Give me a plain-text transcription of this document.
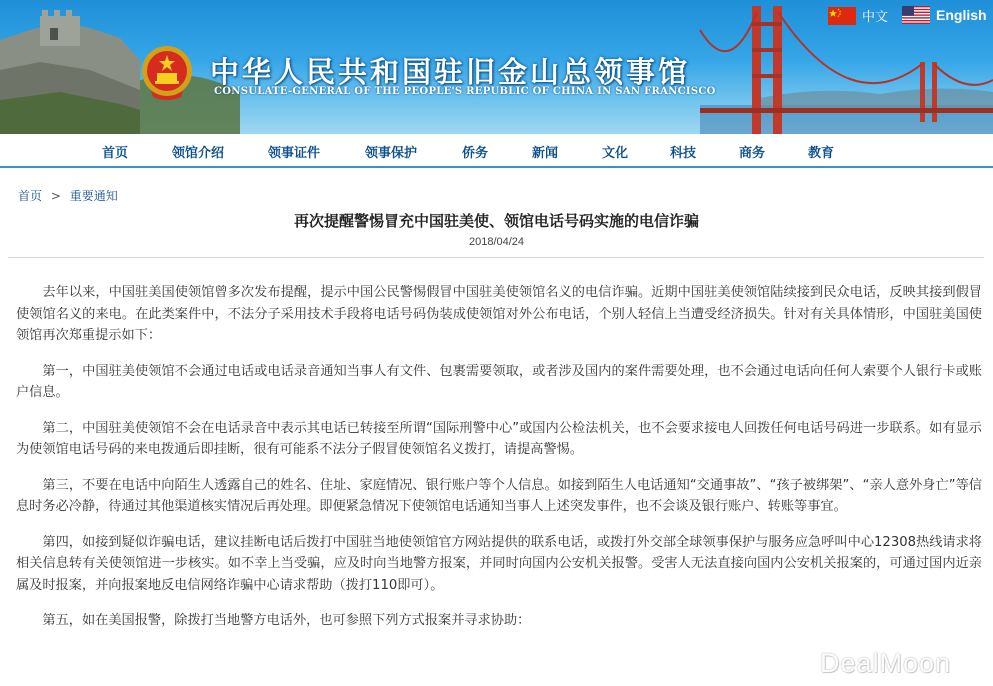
中华人民共和国驻旧金山总领事馆
CONSULATE-GENERAL OF THE PEOPLE'S REPUBLIC OF CHINA IN SAN FRANCISCO
中文	English
首页	领馆介绍	领事证件	领事保护	侨务	新闻	文化	科技	商务	教育
首页 > 重要通知
再次提醒警惕冒充中国驻美使、领馆电话号码实施的电信诈骗
2018/04/24

去年以来，中国驻美国使领馆曾多次发布提醒，提示中国公民警惕假冒中国驻美使领馆名义的电信诈骗。近期中国驻美使领馆陆续接到民众电话，反映其接到假冒使领馆名义的来电。在此类案件中，不法分子采用技术手段将电话号码伪装成使领馆对外公布电话，个别人轻信上当遭受经济损失。针对有关具体情形，中国驻美国使领馆再次郑重提示如下：

第一，中国驻美使领馆不会通过电话或电话录音通知当事人有文件、包裹需要领取，或者涉及国内的案件需要处理，也不会通过电话向任何人索要个人银行卡或账户信息。

第二，中国驻美使领馆不会在电话录音中表示其电话已转接至所谓“国际刑警中心”或国内公检法机关，也不会要求接电人回拨任何电话号码进一步联系。如有显示为使领馆电话号码的来电拨通后即挂断，很有可能系不法分子假冒使领馆名义拨打，请提高警惕。

第三，不要在电话中向陌生人透露自己的姓名、住址、家庭情况、银行账户等个人信息。如接到陌生人电话通知“交通事故”、“孩子被绑架”、“亲人意外身亡”等信息时务必冷静，待通过其他渠道核实情况后再处理。即便紧急情况下使领馆电话通知当事人上述突发事件，也不会谈及银行账户、转账等事宜。

第四，如接到疑似诈骗电话，建议挂断电话后拨打中国驻当地使领馆官方网站提供的联系电话，或拨打外交部全球领事保护与服务应急呼叫中心12308热线请求将相关信息转有关使领馆进一步核实。如不幸上当受骗，应及时向当地警方报案，并同时向国内公安机关报警。受害人无法直接向国内公安机关报案的，可通过国内近亲属及时报案，并向报案地反电信网络诈骗中心请求帮助（拨打110即可）。

第五，如在美国报警，除拨打当地警方电话外，也可参照下列方式报案并寻求协助：

DealMoon
